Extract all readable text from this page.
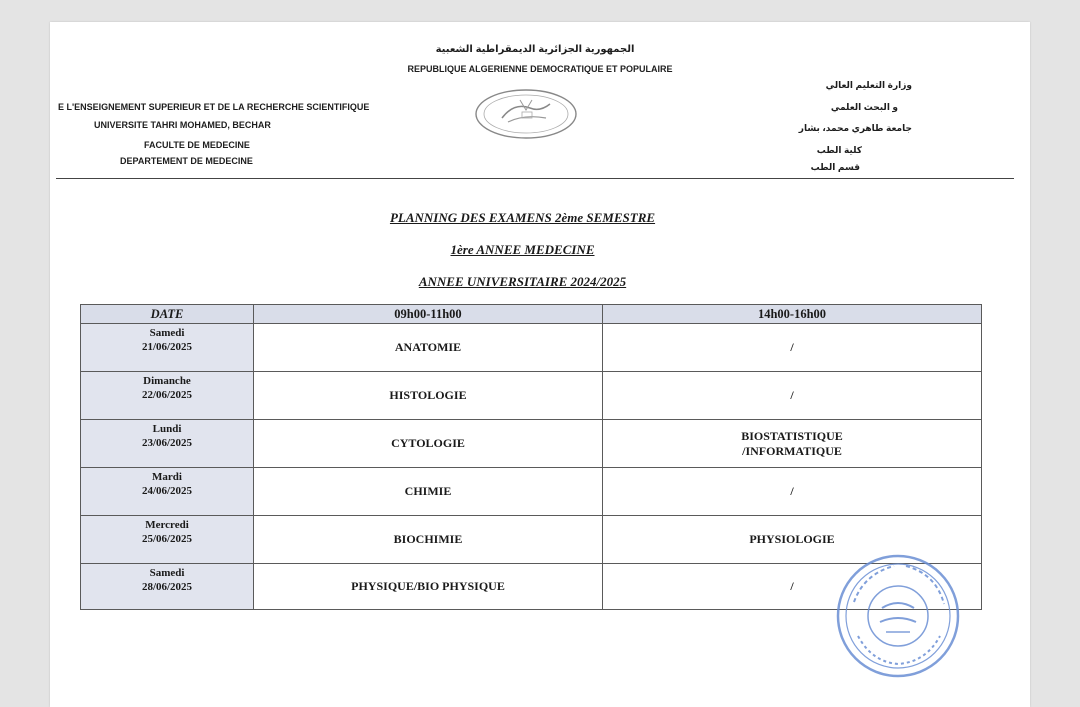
الجمهورية الجزائرية الديمقراطية الشعبية
REPUBLIQUE ALGERIENNE DEMOCRATIQUE ET POPULAIRE
E L'ENSEIGNEMENT SUPERIEUR ET DE LA RECHERCHE SCIENTIFIQUE
UNIVERSITE TAHRI MOHAMED, BECHAR
FACULTE DE MEDECINE
DEPARTEMENT DE MEDECINE
وزارة التعليم العالي
و البحث العلمي
جامعة طاهري محمد، بشار
كلية الطب
قسم الطب
PLANNING DES EXAMENS 2ème SEMESTRE
1ère ANNEE MEDECINE
ANNEE UNIVERSITAIRE 2024/2025
DATE	09h00-11h00	14h00-16h00

Samedi
21/06/2025	ANATOMIE	/

Dimanche
22/06/2025	HISTOLOGIE	/

Lundi
23/06/2025	CYTOLOGIE	BIOSTATISTIQUE /INFORMATIQUE

Mardi
24/06/2025	CHIMIE	/

Mercredi
25/06/2025	BIOCHIMIE	PHYSIOLOGIE

Samedi
28/06/2025	PHYSIQUE/BIO PHYSIQUE	/
